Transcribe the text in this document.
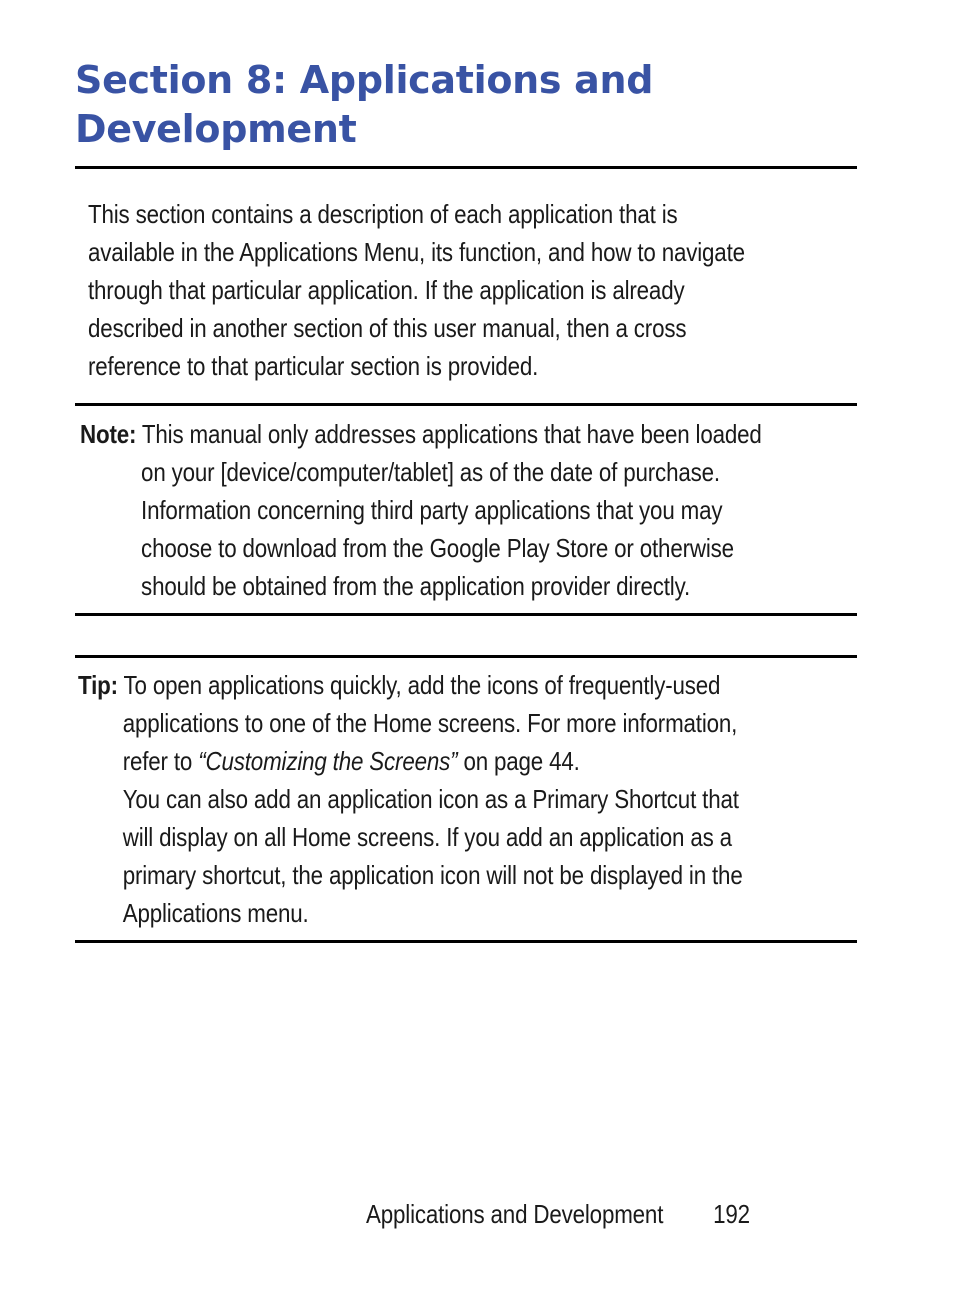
Section 8: Applications and
Development
This section contains a description of each application that is
available in the Applications Menu, its function, and how to navigate
through that particular application. If the application is already
described in another section of this user manual, then a cross
reference to that particular section is provided.
Note: This manual only addresses applications that have been loaded
on your [device/computer/tablet] as of the date of purchase.
Information concerning third party applications that you may
choose to download from the Google Play Store or otherwise
should be obtained from the application provider directly.
Tip: To open applications quickly, add the icons of frequently-used
applications to one of the Home screens. For more information,
refer to “Customizing the Screens” on page 44.
You can also add an application icon as a Primary Shortcut that
will display on all Home screens. If you add an application as a
primary shortcut, the application icon will not be displayed in the
Applications menu.
Applications and Development 192
